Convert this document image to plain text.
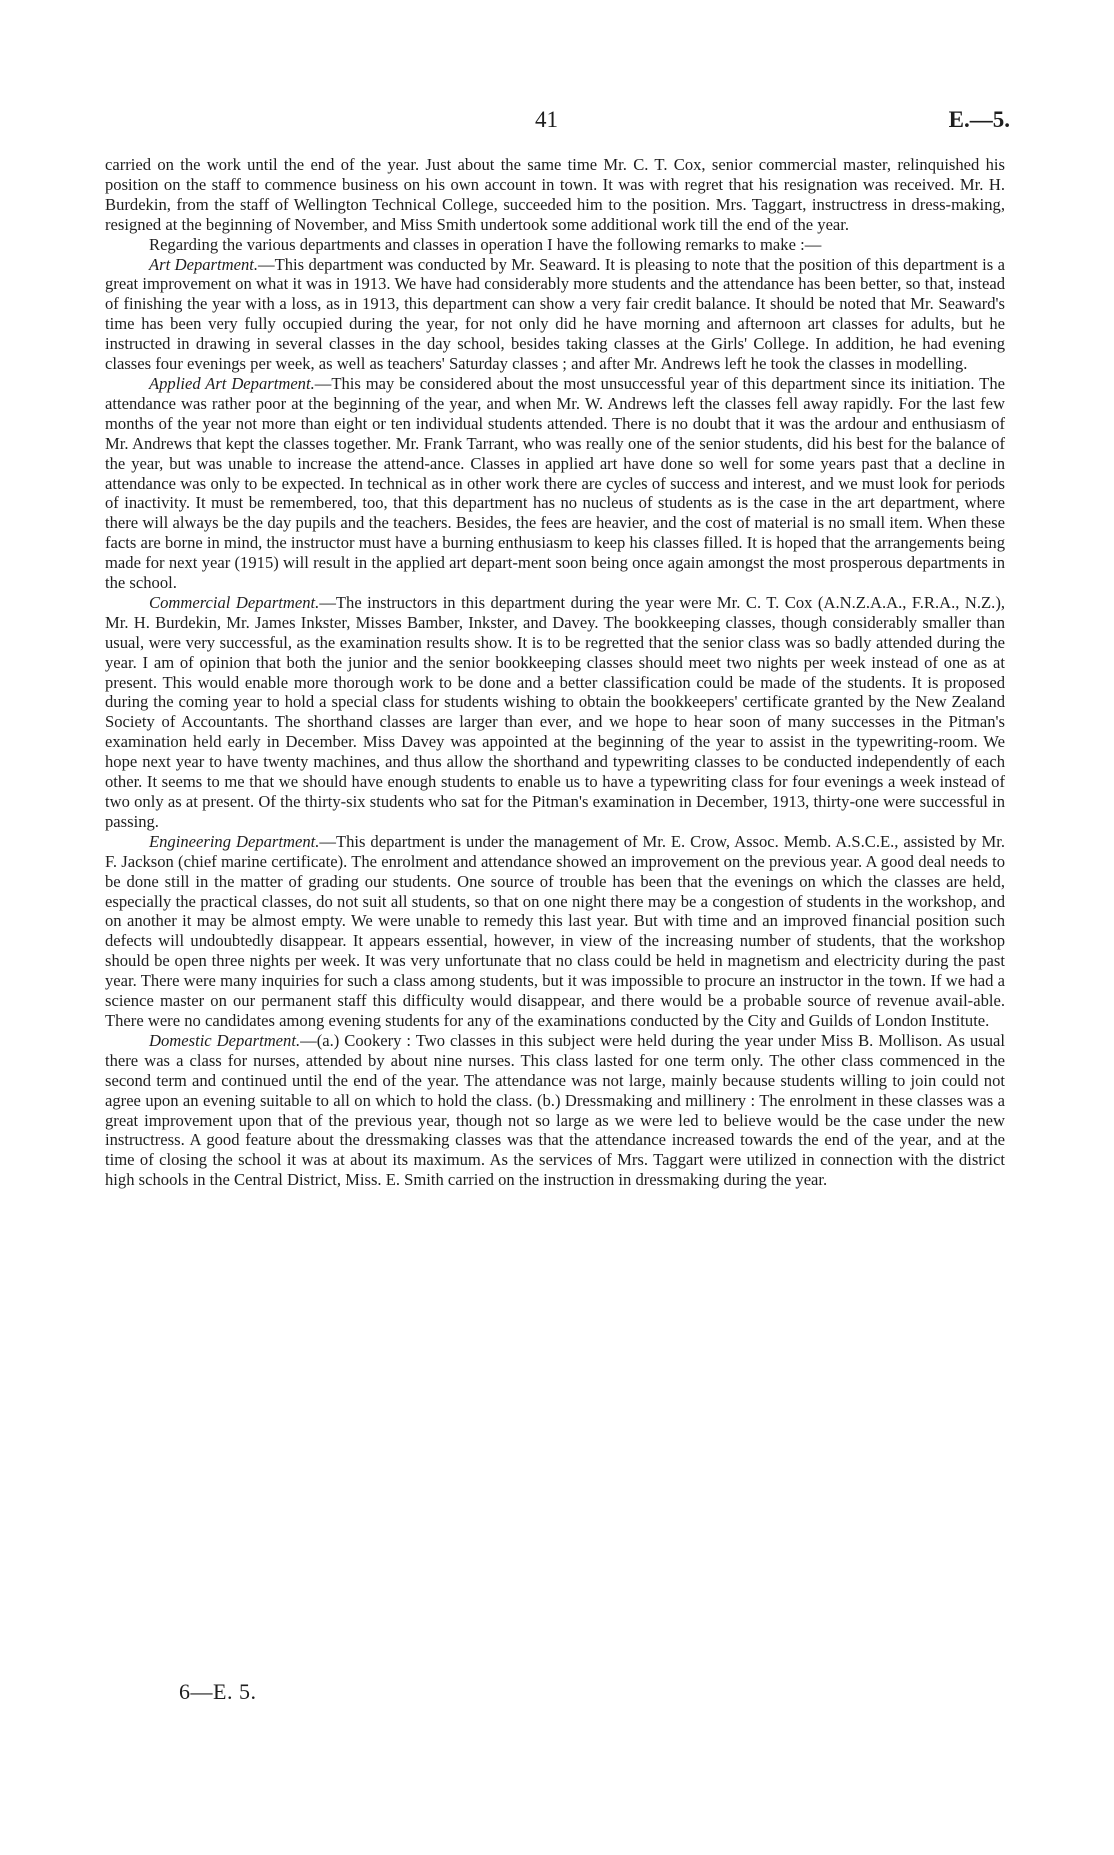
41	E.—5.

carried on the work until the end of the year. Just about the same time Mr. C. T. Cox, senior commercial master, relinquished his position on the staff to commence business on his own account in town. It was with regret that his resignation was received. Mr. H. Burdekin, from the staff of Wellington Technical College, succeeded him to the position. Mrs. Taggart, instructress in dress-making, resigned at the beginning of November, and Miss Smith undertook some additional work till the end of the year.

Regarding the various departments and classes in operation I have the following remarks to make :—

Art Department.—This department was conducted by Mr. Seaward. It is pleasing to note that the position of this department is a great improvement on what it was in 1913. We have had considerably more students and the attendance has been better, so that, instead of finishing the year with a loss, as in 1913, this department can show a very fair credit balance. It should be noted that Mr. Seaward's time has been very fully occupied during the year, for not only did he have morning and afternoon art classes for adults, but he instructed in drawing in several classes in the day school, besides taking classes at the Girls' College. In addition, he had evening classes four evenings per week, as well as teachers' Saturday classes ; and after Mr. Andrews left he took the classes in modelling.

Applied Art Department.—This may be considered about the most unsuccessful year of this department since its initiation. The attendance was rather poor at the beginning of the year, and when Mr. W. Andrews left the classes fell away rapidly. For the last few months of the year not more than eight or ten individual students attended. There is no doubt that it was the ardour and enthusiasm of Mr. Andrews that kept the classes together. Mr. Frank Tarrant, who was really one of the senior students, did his best for the balance of the year, but was unable to increase the attend-ance. Classes in applied art have done so well for some years past that a decline in attendance was only to be expected. In technical as in other work there are cycles of success and interest, and we must look for periods of inactivity. It must be remembered, too, that this department has no nucleus of students as is the case in the art department, where there will always be the day pupils and the teachers. Besides, the fees are heavier, and the cost of material is no small item. When these facts are borne in mind, the instructor must have a burning enthusiasm to keep his classes filled. It is hoped that the arrangements being made for next year (1915) will result in the applied art depart-ment soon being once again amongst the most prosperous departments in the school.

Commercial Department.—The instructors in this department during the year were Mr. C. T. Cox (A.N.Z.A.A., F.R.A., N.Z.), Mr. H. Burdekin, Mr. James Inkster, Misses Bamber, Inkster, and Davey. The bookkeeping classes, though considerably smaller than usual, were very successful, as the examination results show. It is to be regretted that the senior class was so badly attended during the year. I am of opinion that both the junior and the senior bookkeeping classes should meet two nights per week instead of one as at present. This would enable more thorough work to be done and a better classification could be made of the students. It is proposed during the coming year to hold a special class for students wishing to obtain the bookkeepers' certificate granted by the New Zealand Society of Accountants. The shorthand classes are larger than ever, and we hope to hear soon of many successes in the Pitman's examination held early in December. Miss Davey was appointed at the beginning of the year to assist in the typewriting-room. We hope next year to have twenty machines, and thus allow the shorthand and typewriting classes to be conducted independently of each other. It seems to me that we should have enough students to enable us to have a typewriting class for four evenings a week instead of two only as at present. Of the thirty-six students who sat for the Pitman's examination in December, 1913, thirty-one were successful in passing.

Engineering Department.—This department is under the management of Mr. E. Crow, Assoc. Memb. A.S.C.E., assisted by Mr. F. Jackson (chief marine certificate). The enrolment and attendance showed an improvement on the previous year. A good deal needs to be done still in the matter of grading our students. One source of trouble has been that the evenings on which the classes are held, especially the practical classes, do not suit all students, so that on one night there may be a congestion of students in the workshop, and on another it may be almost empty. We were unable to remedy this last year. But with time and an improved financial position such defects will undoubtedly disappear. It appears essential, however, in view of the increasing number of students, that the workshop should be open three nights per week. It was very unfortunate that no class could be held in magnetism and electricity during the past year. There were many inquiries for such a class among students, but it was impossible to procure an instructor in the town. If we had a science master on our permanent staff this difficulty would disappear, and there would be a probable source of revenue avail-able. There were no candidates among evening students for any of the examinations conducted by the City and Guilds of London Institute.

Domestic Department.—(a.) Cookery : Two classes in this subject were held during the year under Miss B. Mollison. As usual there was a class for nurses, attended by about nine nurses. This class lasted for one term only. The other class commenced in the second term and continued until the end of the year. The attendance was not large, mainly because students willing to join could not agree upon an evening suitable to all on which to hold the class. (b.) Dressmaking and millinery : The enrolment in these classes was a great improvement upon that of the previous year, though not so large as we were led to believe would be the case under the new instructress. A good feature about the dressmaking classes was that the attendance increased towards the end of the year, and at the time of closing the school it was at about its maximum. As the services of Mrs. Taggart were utilized in connection with the district high schools in the Central District, Miss. E. Smith carried on the instruction in dressmaking during the year.

6—E. 5.
